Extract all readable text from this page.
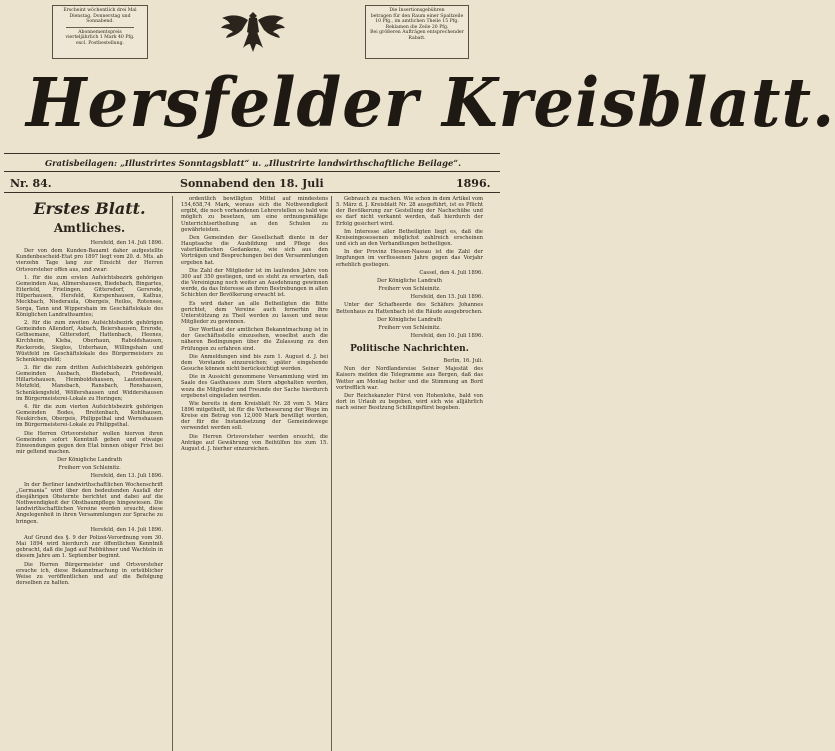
Erscheint wöchentlich drei Mal

Dienstag, Donnerstag und Sonnabend.

Abonnementspreis

vierteljährlich 1 Mark 40 Pfg.

excl. Postbestellung.

Die Insertionsgebühren

betragen für den Raum einer Spaltzeile

10 Pfg., im amtlichen Theile 15 Pfg.

Reklamen die Zeile 20 Pfg.

Bei größeren Aufträgen entsprechender

Rabatt.

Hersfelder Kreisblatt.
Gratisbeilagen: „Illustrirtes Sonntagsblatt“ u. „Illustrirte landwirthschaftliche Beilage“.
Nr. 84.	Sonnabend den 18. Juli	1896.
Erstes Blatt.
Amtliches.

Hersfeld, den 14. Juli 1896.

Der von dem Kunden-Bauamt daher aufgestellte Kundenbescheid-Etat pro 1897 liegt vom 20. d. Mts. ab vierzehn Tage lang zur Einsicht der Herren Ortsvorsteher offen aus, und zwar:

1. für die zum ersten Aufsichtsbezirk gehörigen Gemeinden Aua, Allmershausen, Biedebach, Bingartes, Eiterfeld, Frielingen, Gittersdorf, Gersrode, Hilperhausen, Hersfeld, Kerspenhausen, Kathus, Meckbach, Niederaula, Obergeis, Reilos, Rotensee, Sorga, Tann und Wippershain im Geschäftslokale des Königlichen Landrathsamtes;

2. für die zum zweiten Aufsichtsbezirk gehörigen Gemeinden Allendorf, Asbach, Beiershausen, Ersrode, Gethsemane, Gittersdorf, Hattenbach, Heenes, Kirchheim, Kleba, Oberhaun, Raboldshausen, Reckerode, Sieglos, Unterhaun, Willingshain und Wüstfeld im Geschäftslokale des Bürgermeisters zu Schenklengsfeld;

3. für die zum dritten Aufsichtsbezirk gehörigen Gemeinden Ausbach, Biedebach, Friedewald, Hillartshausen, Heimboldshausen, Lautenhausen, Motzfeld, Mansbach, Ransbach, Ronshausen, Schenklengsfeld, Wölfershausen und Widdershausen im Bürgermeisterei-Lokale zu Heringen;

4. für die zum vierten Aufsichtsbezirk gehörigen Gemeinden Bodes, Breitenbach, Kohlhausen, Neukirchen, Obergeis, Philippsthal und Wernshausen im Bürgermeisterei-Lokale zu Philippsthal.

Die Herren Ortsvorsteher wollen hiervon ihren Gemeinden sofort Kenntniß geben und etwaige Einwendungen gegen den Etat binnen obiger Frist bei mir geltend machen.

Der Königliche Landrath

Freiherr von Schleinitz.

Hersfeld, den 13. Juli 1896.

In der Berliner landwirthschaftlichen Wochenschrift „Germania“ wird über den bedeutenden Ausfall der diesjährigen Obsternte berichtet und dabei auf die Nothwendigkeit der Obstbaumpflege hingewiesen. Die landwirthschaftlichen Vereine werden ersucht, diese Angelegenheit in ihren Versammlungen zur Sprache zu bringen.

Hersfeld, den 14. Juli 1896.

Auf Grund des §. 9 der Polizei-Verordnung vom 30. Mai 1894 wird hierdurch zur öffentlichen Kenntniß gebracht, daß die Jagd auf Rebhühner und Wachteln in diesem Jahre am 1. September beginnt.

Die Herren Bürgermeister und Ortsvorsteher ersuche ich, diese Bekanntmachung in ortsüblicher Weise zu veröffentlichen und auf die Befolgung derselben zu halten.

ordentlich bewilligten Mittel auf mindestens 154,658,74 Mark, woraus sich die Nothwendigkeit ergibt, die noch vorhandenen Lehrerstellen so bald wie möglich zu besetzen, um eine ordnungsmäßige Unterrichtsertheilung an den Schulen zu gewährleisten.

Den Gemeinden der Gesellschaft diente in der Hauptsache die Ausbildung und Pflege des vaterländischen Gedankens, wie sich aus den Vorträgen und Besprechungen bei den Versammlungen ergeben hat.

Die Zahl der Mitglieder ist im laufenden Jahre von 300 auf 350 gestiegen, und es steht zu erwarten, daß die Vereinigung noch weiter an Ausdehnung gewinnen werde, da das Interesse an ihren Bestrebungen in allen Schichten der Bevölkerung erwacht ist.

Es wird daher an alle Betheiligten die Bitte gerichtet, dem Vereine auch fernerhin ihre Unterstützung zu Theil werden zu lassen und neue Mitglieder zu gewinnen.

Der Wortlaut der amtlichen Bekanntmachung ist in der Geschäftsstelle einzusehen, woselbst auch die näheren Bedingungen über die Zulassung zu den Prüfungen zu erfahren sind.

Die Anmeldungen sind bis zum 1. August d. J. bei dem Vorstande einzureichen; später eingehende Gesuche können nicht berücksichtigt werden.

Die in Aussicht genommene Versammlung wird im Saale des Gasthauses zum Stern abgehalten werden, wozu die Mitglieder und Freunde der Sache hierdurch ergebenst eingeladen werden.

Wie bereits in dem Kreisblatt Nr. 28 vom 5. März 1896 mitgetheilt, ist für die Verbesserung der Wege im Kreise ein Betrag von 12,000 Mark bewilligt worden, der für die Instandsetzung der Gemeindewege verwendet werden soll.

Die Herren Ortsvorsteher werden ersucht, die Anträge auf Gewährung von Beihülfen bis zum 15. August d. J. hierher einzureichen.

Gebrauch zu machen. Wie schon in dem Artikel vom 5. März d. J. Kreisblatt Nr. 28 ausgeführt, ist es Pflicht der Bevölkerung zur Gestellung der Nachschübe und es darf nicht verkannt werden, daß hierdurch der Erfolg gesichert wird.

Im Interesse aller Betheiligten liegt es, daß die Kreiseingesessenen möglichst zahlreich erscheinen und sich an den Verhandlungen betheiligen.

In der Provinz Hessen-Nassau ist die Zahl der Impfungen im verflossenen Jahre gegen das Vorjahr erheblich gestiegen.

Cassel, den 4. Juli 1896.

Der Königliche Landrath

Freiherr von Schleinitz.

Hersfeld, den 15. Juli 1896.

Unter der Schafheerde des Schäfers Johannes Bettenhaus zu Hattenbach ist die Räude ausgebrochen.

Der Königliche Landrath

Freiherr von Schleinitz.

Hersfeld, den 10. Juli 1896.

Politische Nachrichten.

Berlin, 16. Juli.

Nun der Nordlandsreise Seiner Majestät des Kaisers melden die Telegramme aus Bergen, daß das Wetter am Montag heiter und die Stimmung an Bord vortrefflich war.

Der Reichskanzler Fürst von Hohenlohe, bald von dort in Urlaub zu begeben, wird sich wie alljährlich nach seiner Besitzung Schillingsfürst begeben.
